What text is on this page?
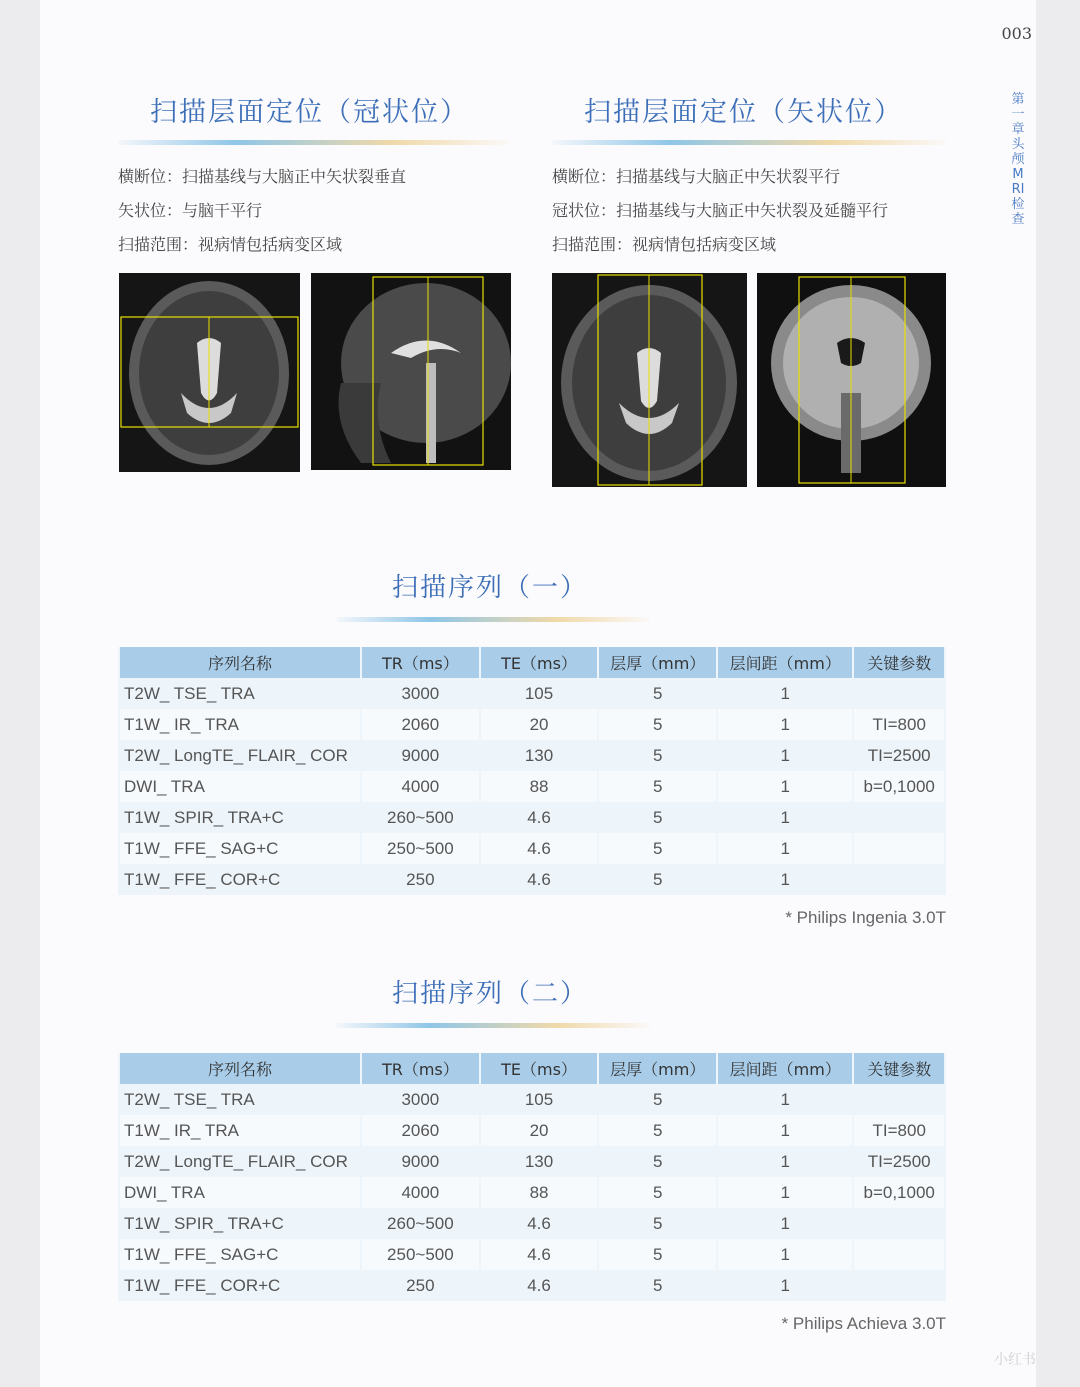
003
第一章 头颅MRI检查
扫描层面定位（冠状位）
横断位：扫描基线与大脑正中矢状裂垂直
矢状位：与脑干平行
扫描范围：视病情包括病变区域
扫描层面定位（矢状位）
横断位：扫描基线与大脑正中矢状裂平行
冠状位：扫描基线与大脑正中矢状裂及延髓平行
扫描范围：视病情包括病变区域
扫描序列（一）
序列名称	TR（ms）	TE（ms）	层厚（mm）	层间距（mm）	关键参数
T2W_ TSE_ TRA	3000	105	5	1	
T1W_ IR_ TRA	2060	20	5	1	TI=800
T2W_ LongTE_ FLAIR_ COR	9000	130	5	1	TI=2500
DWI_ TRA	4000	88	5	1	b=0,1000
T1W_ SPIR_ TRA+C	260~500	4.6	5	1	
T1W_ FFE_ SAG+C	250~500	4.6	5	1	
T1W_ FFE_ COR+C	250	4.6	5	1	
* Philips Ingenia 3.0T
扫描序列（二）
序列名称	TR（ms）	TE（ms）	层厚（mm）	层间距（mm）	关键参数
T2W_ TSE_ TRA	3000	105	5	1	
T1W_ IR_ TRA	2060	20	5	1	TI=800
T2W_ LongTE_ FLAIR_ COR	9000	130	5	1	TI=2500
DWI_ TRA	4000	88	5	1	b=0,1000
T1W_ SPIR_ TRA+C	260~500	4.6	5	1	
T1W_ FFE_ SAG+C	250~500	4.6	5	1	
T1W_ FFE_ COR+C	250	4.6	5	1	
* Philips Achieva 3.0T
小红书
